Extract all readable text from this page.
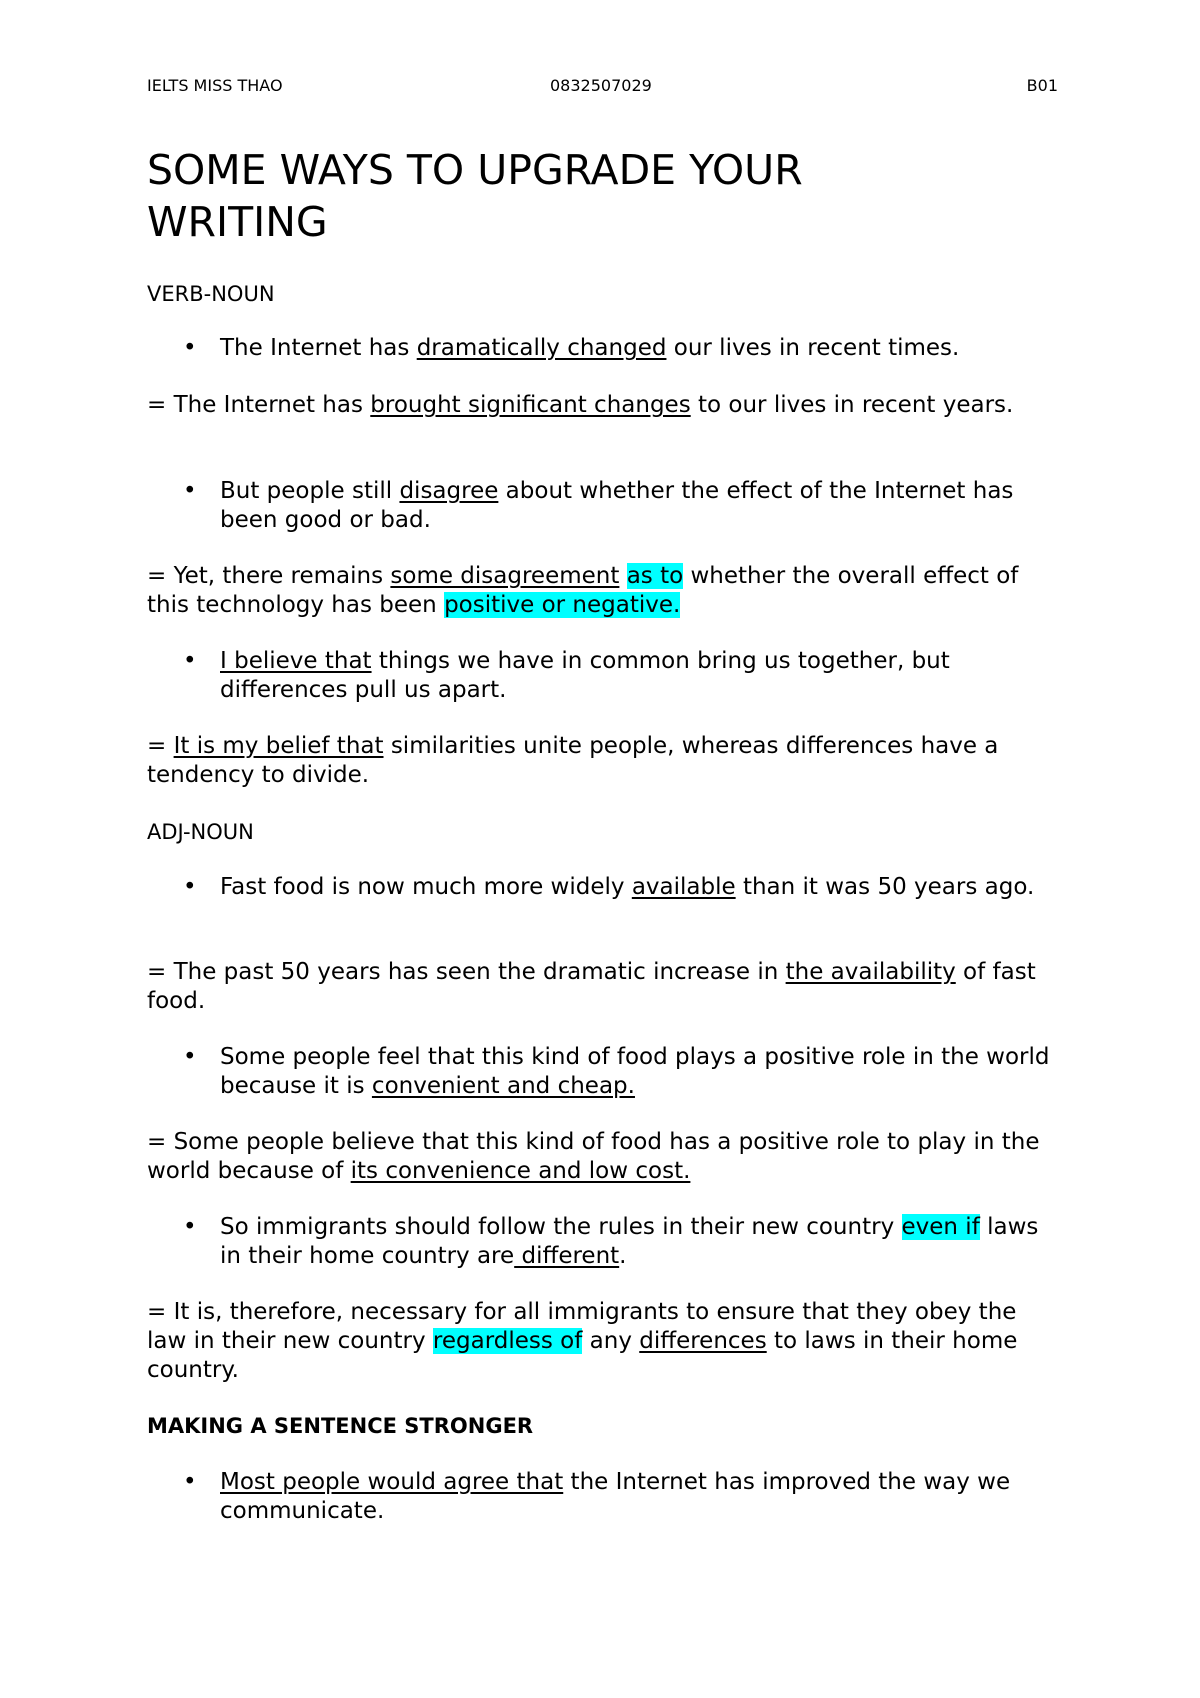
IELTS MISS THAO	0832507029	B01
SOME WAYS TO UPGRADE YOUR
WRITING
VERB-NOUN
• The Internet has dramatically changed our lives in recent times.

= The Internet has brought significant changes to our lives in recent years.

• But people still disagree about whether the effect of the Internet has been good or bad.

= Yet, there remains some disagreement as to whether the overall effect of this technology has been positive or negative.

• I believe that things we have in common bring us together, but differences pull us apart.

= It is my belief that similarities unite people, whereas differences have a tendency to divide.

ADJ-NOUN
• Fast food is now much more widely available than it was 50 years ago.

= The past 50 years has seen the dramatic increase in the availability of fast food.

• Some people feel that this kind of food plays a positive role in the world because it is convenient and cheap.

= Some people believe that this kind of food has a positive role to play in the world because of its convenience and low cost.

• So immigrants should follow the rules in their new country even if laws in their home country are different.

= It is, therefore, necessary for all immigrants to ensure that they obey the law in their new country regardless of any differences to laws in their home country.

MAKING A SENTENCE STRONGER
• Most people would agree that the Internet has improved the way we communicate.
